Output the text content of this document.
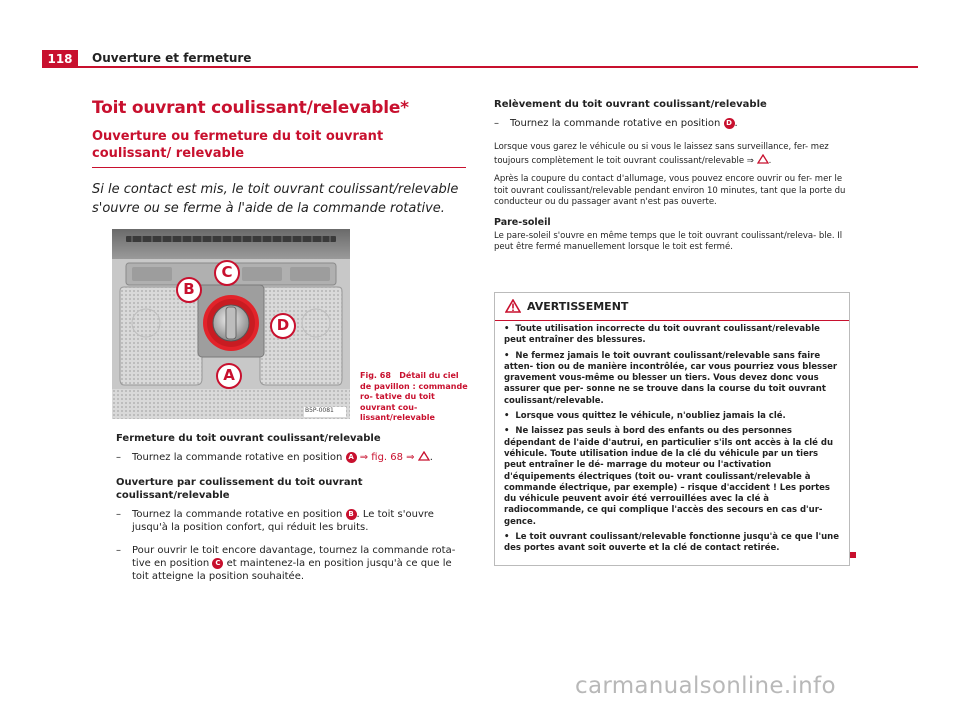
118	Ouverture et fermeture
Toit ouvrant coulissant/relevable*
Ouverture ou fermeture du toit ouvrant coulissant/ relevable

Si le contact est mis, le toit ouvrant coulissant/relevable s'ouvre ou se ferme à l'aide de la commande rotative.

C
B
D
A
B5P-0081
Fig. 68 Détail du ciel de pavillon : commande ro- tative du toit ouvrant cou- lissant/relevable

Fermeture du toit ouvrant coulissant/relevable

– Tournez la commande rotative en position A ⇒ fig. 68 ⇒ .

Ouverture par coulissement du toit ouvrant coulissant/relevable

– Tournez la commande rotative en position B . Le toit s'ouvre jusqu'à la position confort, qui réduit les bruits.

– Pour ouvrir le toit encore davantage, tournez la commande rota- tive en position C et maintenez-la en position jusqu'à ce que le toit atteigne la position souhaitée.

Relèvement du toit ouvrant coulissant/relevable

– Tournez la commande rotative en position D .

Lorsque vous garez le véhicule ou si vous le laissez sans surveillance, fer- mez toujours complètement le toit ouvrant coulissant/relevable ⇒ .

Après la coupure du contact d'allumage, vous pouvez encore ouvrir ou fer- mer le toit ouvrant coulissant/relevable pendant environ 10 minutes, tant que la porte du conducteur ou du passager avant n'est pas ouverte.

Pare-soleil

Le pare-soleil s'ouvre en même temps que le toit ouvrant coulissant/releva- ble. Il peut être fermé manuellement lorsque le toit est fermé.

AVERTISSEMENT

•  Toute utilisation incorrecte du toit ouvrant coulissant/relevable peut entraîner des blessures.

•  Ne fermez jamais le toit ouvrant coulissant/relevable sans faire atten- tion ou de manière incontrôlée, car vous pourriez vous blesser gravement vous-même ou blesser un tiers. Vous devez donc vous assurer que per- sonne ne se trouve dans la course du toit ouvrant coulissant/relevable.

•  Lorsque vous quittez le véhicule, n'oubliez jamais la clé.

•  Ne laissez pas seuls à bord des enfants ou des personnes dépendant de l'aide d'autrui, en particulier s'ils ont accès à la clé du véhicule. Toute utilisation indue de la clé du véhicule par un tiers peut entraîner le dé- marrage du moteur ou l'activation d'équipements électriques (toit ou- vrant coulissant/relevable à commande électrique, par exemple) – risque d'accident ! Les portes du véhicule peuvent avoir été verrouillées avec la clé à radiocommande, ce qui complique l'accès des secours en cas d'ur- gence.

•  Le toit ouvrant coulissant/relevable fonctionne jusqu'à ce que l'une des portes avant soit ouverte et la clé de contact retirée.

carmanualsonline.info
